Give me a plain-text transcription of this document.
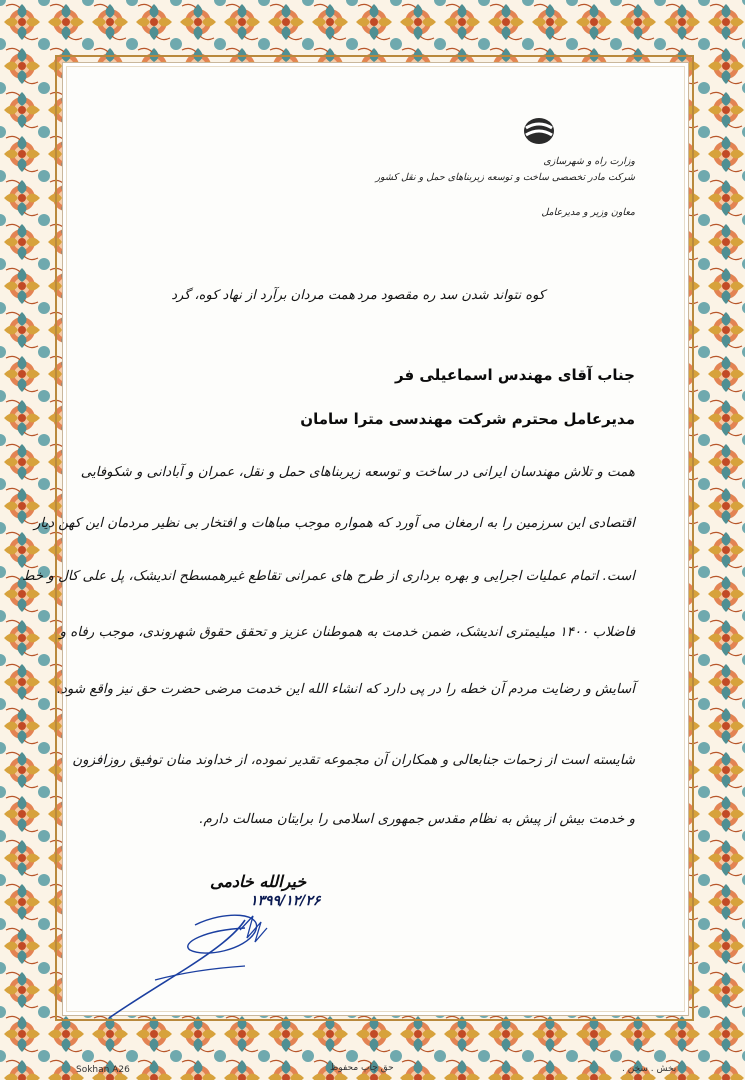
وزارت راه و شهرسازی
شرکت مادر تخصصی ساخت و توسعه زیربناهای حمل و نقل کشور
معاون وزیر و مدیرعامل
همت مردان برآرد از نهاد کوه، گرد کوه نتواند شدن سد ره مقصود مرد
جناب آقای مهندس اسماعیلی فر
مدیرعامل محترم شرکت مهندسی مترا سامان
همت و تلاش مهندسان ایرانی در ساخت و توسعه زیربناهای حمل و نقل، عمران و آبادانی و شکوفایی
اقتصادی این سرزمین را به ارمغان می آورد که همواره موجب مباهات و افتخار بی نظیر مردمان این کهن دیار
است. اتمام عملیات اجرایی و بهره برداری از طرح های عمرانی تقاطع غیرهمسطح اندیشک، پل علی کال و خط
فاضلاب ۱۴۰۰ میلیمتری اندیشک، ضمن خدمت به هموطنان عزیز و تحقق حقوق شهروندی، موجب رفاه و
آسایش و رضایت مردم آن خطه را در پی دارد که انشاء الله این خدمت مرضی حضرت حق نیز واقع شود.
شایسته است از زحمات جنابعالی و همکاران آن مجموعه تقدیر نموده، از خداوند منان توفیق روزافزون
و خدمت بیش از پیش به نظام مقدس جمهوری اسلامی را برایتان مسالت دارم.
خیرالله خادمی
۱۳۹۹/۱۲/۲۶
Sokhan A26	حق چاپ محفوظ	بخش . سخن .
